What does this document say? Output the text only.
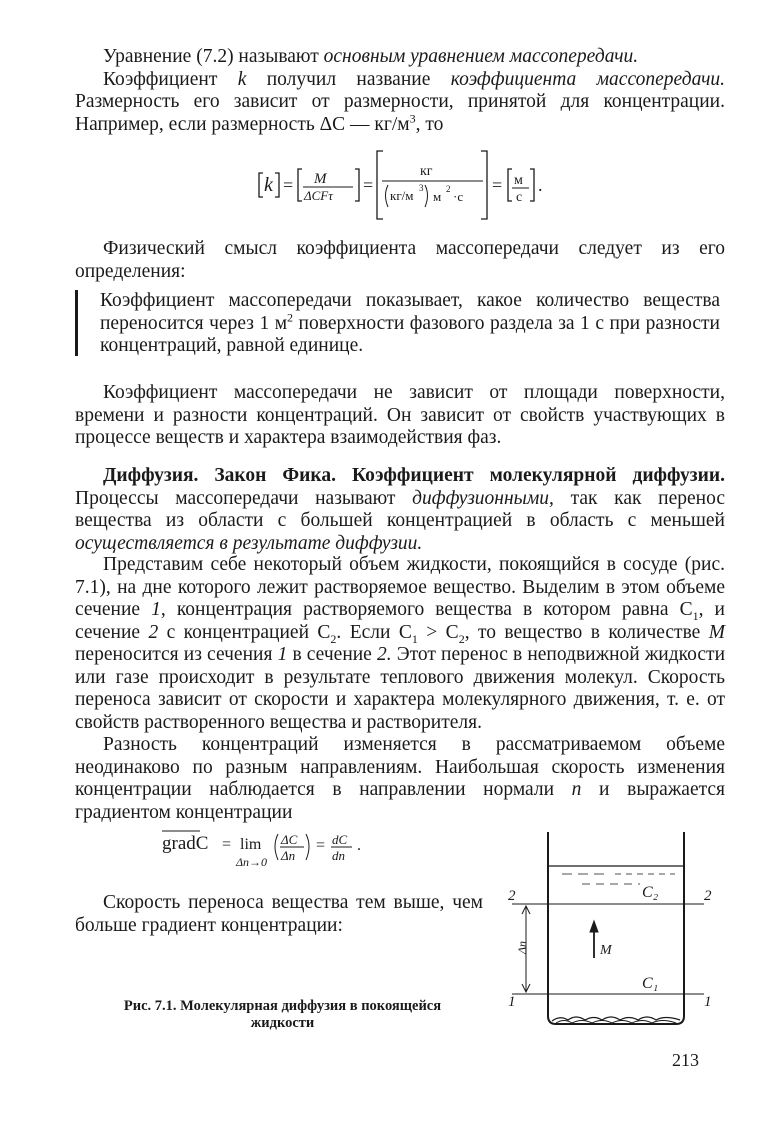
Уравнение (7.2) называют основным уравнением массопередачи.
Коэффициент k получил название коэффициента массопередачи. Размерность его зависит от размерности, принятой для концентрации. Например, если размерность ΔC — $кг/м^3$, то
k = M
ΔCFτ
=
кг
кг/м 3
м 2 ·с
= м
с
.
Физический смысл коэффициента массопередачи следует из его определения:
Коэффициент массопередачи показывает, какое количество вещества переносится через 1 $м^2$ поверхности фазового раздела за 1 с при разности концентраций, равной единице.
Коэффициент массопередачи не зависит от площади поверхности, времени и разности концентраций. Он зависит от свойств участвующих в процессе веществ и характера взаимодействия фаз.
Диффузия. Закон Фика. Коэффициент молекулярной диффузии. Процессы массопередачи называют диффузионными, так как перенос вещества из области с большей концентрацией в область с меньшей осуществляется в результате диффузии.
Представим себе некоторый объем жидкости, покоящийся в сосуде (рис. 7.1), на дне которого лежит растворяемое вещество. Выделим в этом объеме сечение 1, концентрация растворяемого вещества в котором равна $C_1$, и сечение 2 с концентрацией $C_2$. Если $C_1 > C_2$, то вещество в количестве M переносится из сечения 1 в сечение 2. Этот перенос в неподвижной жидкости или газе происходит в результате теплового движения молекул. Скорость переноса зависит от скорости и характера молекулярного движения, т. е. от свойств растворенного вещества и растворителя.
Разность концентраций изменяется в рассматриваемом объеме неодинаково по разным направлениям. Наибольшая скорость изменения концентрации наблюдается в направлении нормали n и выражается градиентом концентрации
gradC = lim
Δn→0
ΔC
Δn
= dC
dn
.
Скорость переноса вещества тем выше, чем больше градиент концентрации:
Рис. 7.1. Молекулярная диффузия в покоящейся
жидкости
2	2
1	1
C₂
C₁
M
Δn
213
